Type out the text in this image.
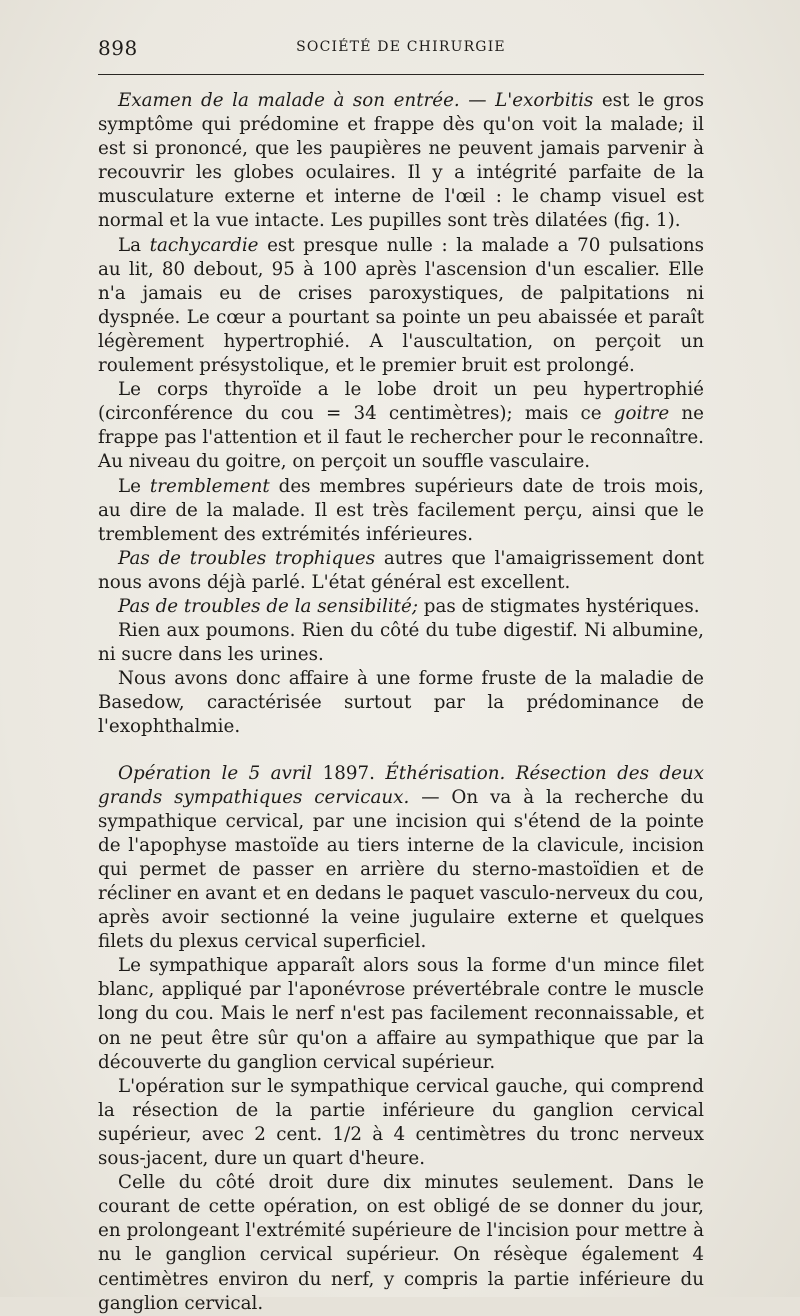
898	SOCIÉTÉ DE CHIRURGIE

Examen de la malade à son entrée. — L'exorbitis est le gros symptôme qui prédomine et frappe dès qu'on voit la malade; il est si prononcé, que les paupières ne peuvent jamais parvenir à recouvrir les globes oculaires. Il y a intégrité parfaite de la musculature externe et interne de l'œil : le champ visuel est normal et la vue intacte. Les pupilles sont très dilatées (fig. 1).

La tachycardie est presque nulle : la malade a 70 pulsations au lit, 80 debout, 95 à 100 après l'ascension d'un escalier. Elle n'a jamais eu de crises paroxystiques, de palpitations ni dyspnée. Le cœur a pourtant sa pointe un peu abaissée et paraît légèrement hypertrophié. A l'auscultation, on perçoit un roulement présystolique, et le premier bruit est prolongé.

Le corps thyroïde a le lobe droit un peu hypertrophié (circonférence du cou = 34 centimètres); mais ce goitre ne frappe pas l'attention et il faut le rechercher pour le reconnaître. Au niveau du goitre, on perçoit un souffle vasculaire.

Le tremblement des membres supérieurs date de trois mois, au dire de la malade. Il est très facilement perçu, ainsi que le tremblement des extrémités inférieures.

Pas de troubles trophiques autres que l'amaigrissement dont nous avons déjà parlé. L'état général est excellent.

Pas de troubles de la sensibilité; pas de stigmates hystériques.

Rien aux poumons. Rien du côté du tube digestif. Ni albumine, ni sucre dans les urines.

Nous avons donc affaire à une forme fruste de la maladie de Basedow, caractérisée surtout par la prédominance de l'exophthalmie.

Opération le 5 avril 1897. Éthérisation. Résection des deux grands sympathiques cervicaux. — On va à la recherche du sympathique cervical, par une incision qui s'étend de la pointe de l'apophyse mastoïde au tiers interne de la clavicule, incision qui permet de passer en arrière du sterno-mastoïdien et de récliner en avant et en dedans le paquet vasculo-nerveux du cou, après avoir sectionné la veine jugulaire externe et quelques filets du plexus cervical superficiel.

Le sympathique apparaît alors sous la forme d'un mince filet blanc, appliqué par l'aponévrose prévertébrale contre le muscle long du cou. Mais le nerf n'est pas facilement reconnaissable, et on ne peut être sûr qu'on a affaire au sympathique que par la découverte du ganglion cervical supérieur.

L'opération sur le sympathique cervical gauche, qui comprend la résection de la partie inférieure du ganglion cervical supérieur, avec 2 cent. 1/2 à 4 centimètres du tronc nerveux sous-jacent, dure un quart d'heure.

Celle du côté droit dure dix minutes seulement. Dans le courant de cette opération, on est obligé de se donner du jour, en prolongeant l'extrémité supérieure de l'incision pour mettre à nu le ganglion cervical supérieur. On résèque également 4 centimètres environ du nerf, y compris la partie inférieure du ganglion cervical.
